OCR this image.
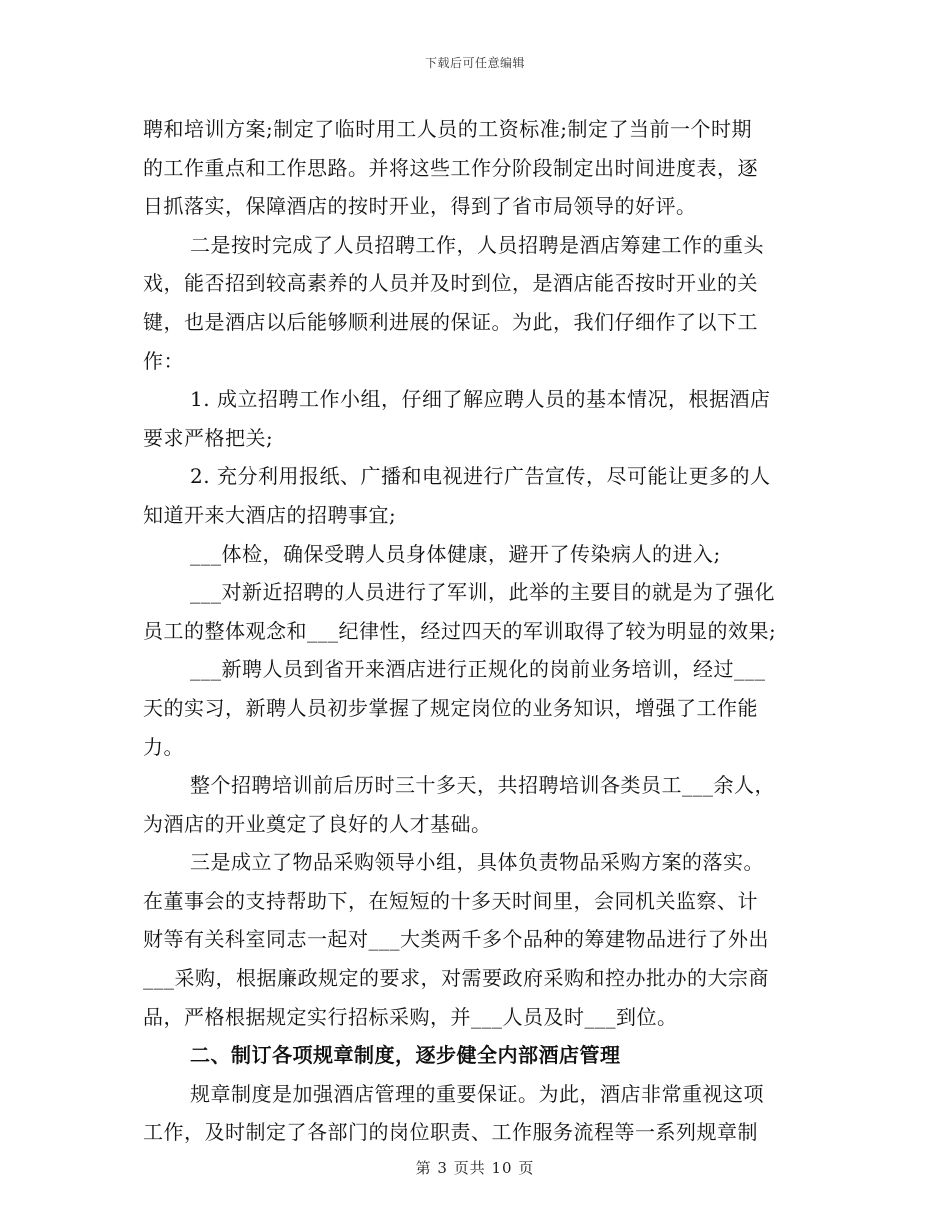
下载后可任意编辑
聘和培训方案;制定了临时用工人员的工资标准;制定了当前一个时期
的工作重点和工作思路。并将这些工作分阶段制定出时间进度表，逐
日抓落实，保障酒店的按时开业，得到了省市局领导的好评。
二是按时完成了人员招聘工作，人员招聘是酒店筹建工作的重头
戏，能否招到较高素养的人员并及时到位，是酒店能否按时开业的关
键，也是酒店以后能够顺利进展的保证。为此，我们仔细作了以下工
作：
1. 成立招聘工作小组，仔细了解应聘人员的基本情况，根据酒店
要求严格把关;
2. 充分利用报纸、广播和电视进行广告宣传，尽可能让更多的人
知道开来大酒店的招聘事宜;
___体检，确保受聘人员身体健康，避开了传染病人的进入;
___对新近招聘的人员进行了军训，此举的主要目的就是为了强化
员工的整体观念和___纪律性，经过四天的军训取得了较为明显的效果;
___新聘人员到省开来酒店进行正规化的岗前业务培训，经过___
天的实习，新聘人员初步掌握了规定岗位的业务知识，增强了工作能
力。
整个招聘培训前后历时三十多天，共招聘培训各类员工___余人，
为酒店的开业奠定了良好的人才基础。
三是成立了物品采购领导小组，具体负责物品采购方案的落实。
在董事会的支持帮助下，在短短的十多天时间里，会同机关监察、计
财等有关科室同志一起对___大类两千多个品种的筹建物品进行了外出
___采购，根据廉政规定的要求，对需要政府采购和控办批办的大宗商
品，严格根据规定实行招标采购，并___人员及时___到位。
二、制订各项规章制度，逐步健全内部酒店管理
规章制度是加强酒店管理的重要保证。为此，酒店非常重视这项
工作，及时制定了各部门的岗位职责、工作服务流程等一系列规章制
第 3 页共 10 页
